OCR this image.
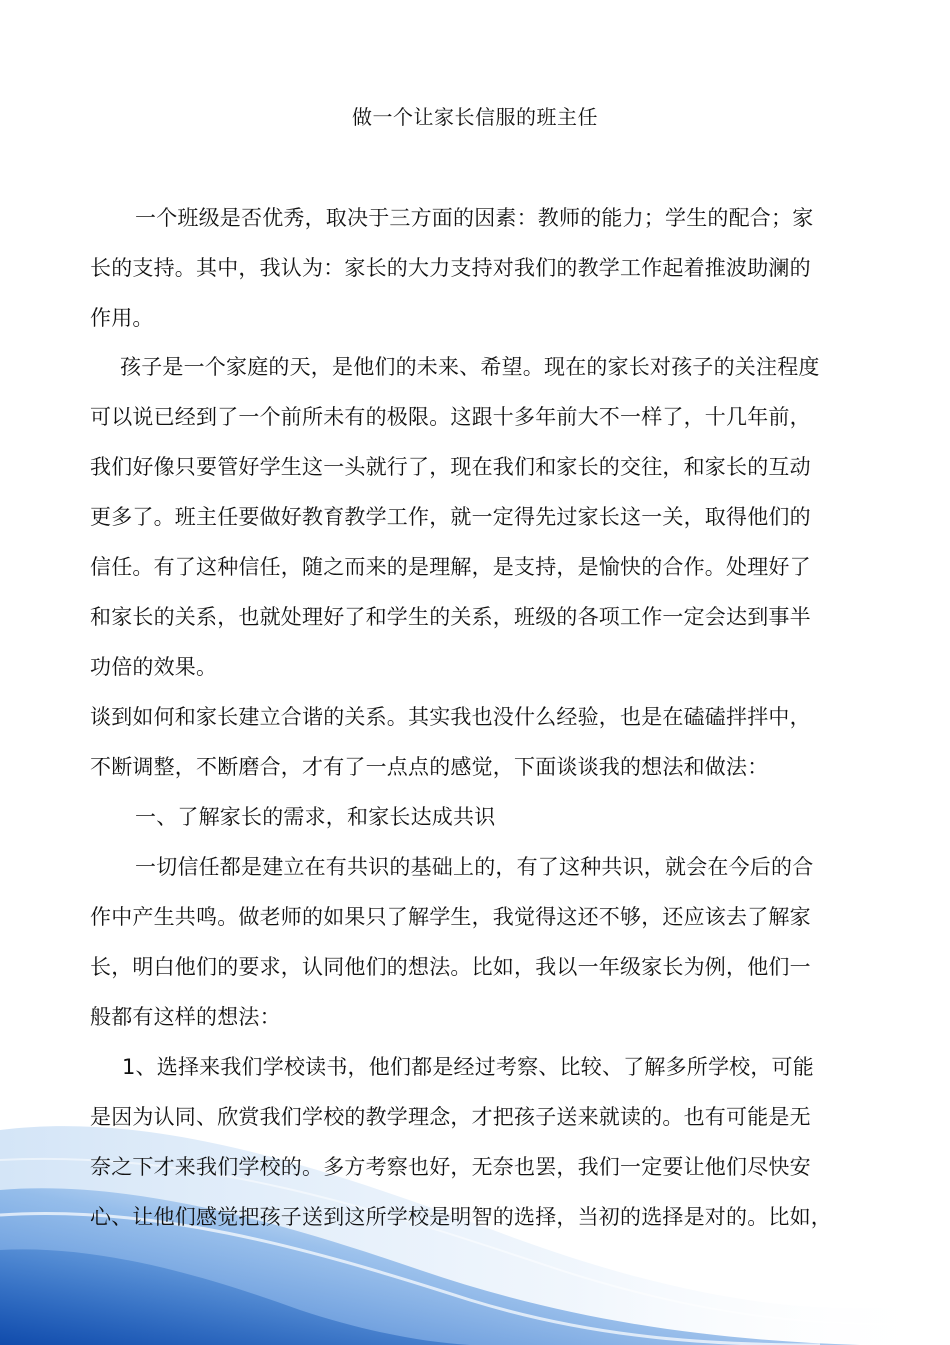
做一个让家长信服的班主任
一个班级是否优秀，取决于三方面的因素：教师的能力；学生的配合；家
长的支持。其中，我认为：家长的大力支持对我们的教学工作起着推波助澜的
作用。
孩子是一个家庭的天，是他们的未来、希望。现在的家长对孩子的关注程度
可以说已经到了一个前所未有的极限。这跟十多年前大不一样了，十几年前，
我们好像只要管好学生这一头就行了，现在我们和家长的交往，和家长的互动
更多了。班主任要做好教育教学工作，就一定得先过家长这一关，取得他们的
信任。有了这种信任，随之而来的是理解，是支持，是愉快的合作。处理好了
和家长的关系，也就处理好了和学生的关系，班级的各项工作一定会达到事半
功倍的效果。
谈到如何和家长建立合谐的关系。其实我也没什么经验，也是在磕磕拌拌中，
不断调整，不断磨合，才有了一点点的感觉，下面谈谈我的想法和做法：
一、了解家长的需求，和家长达成共识
一切信任都是建立在有共识的基础上的，有了这种共识，就会在今后的合
作中产生共鸣。做老师的如果只了解学生，我觉得这还不够，还应该去了解家
长，明白他们的要求，认同他们的想法。比如，我以一年级家长为例，他们一
般都有这样的想法：
1、选择来我们学校读书，他们都是经过考察、比较、了解多所学校，可能
是因为认同、欣赏我们学校的教学理念，才把孩子送来就读的。也有可能是无
奈之下才来我们学校的。多方考察也好，无奈也罢，我们一定要让他们尽快安
心、让他们感觉把孩子送到这所学校是明智的选择，当初的选择是对的。比如，
